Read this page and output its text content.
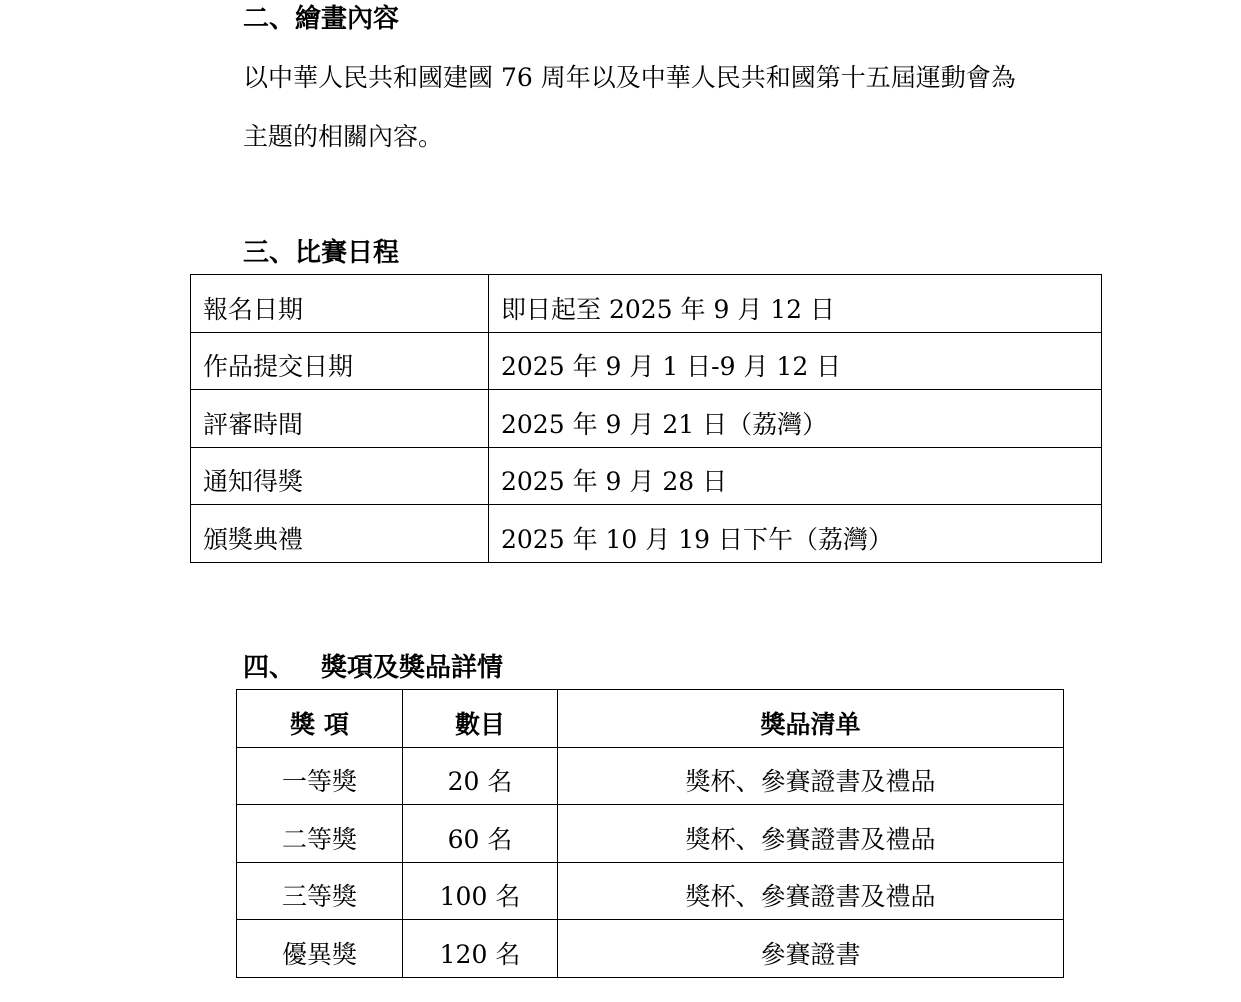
二、繪畫內容
以中華人民共和國建國 76 周年以及中華人民共和國第十五屆運動會為
主題的相關內容。
三、比賽日程
報名日期	即日起至 2025 年 9 月 12 日
作品提交日期	2025 年 9 月 1 日-9 月 12 日
評審時間	2025 年 9 月 21 日（荔灣）
通知得獎	2025 年 9 月 28 日
頒獎典禮	2025 年 10 月 19 日下午（荔灣）
四、 獎項及獎品詳情
獎 項	數目	獎品清单
一等獎	20 名	獎杯、參賽證書及禮品
二等獎	60 名	獎杯、參賽證書及禮品
三等獎	100 名	獎杯、參賽證書及禮品
優異獎	120 名	參賽證書
